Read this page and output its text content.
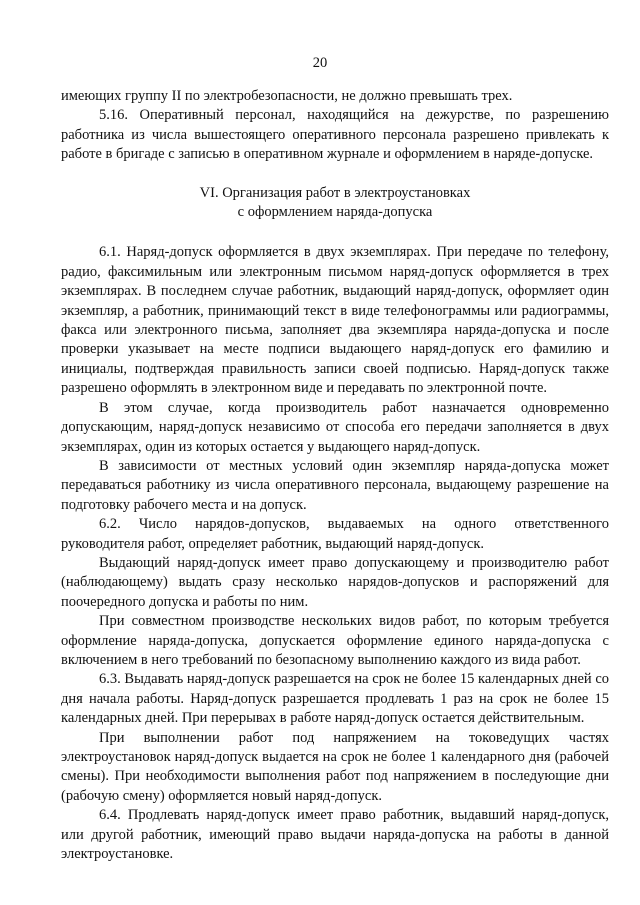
20

имеющих группу II по электробезопасности, не должно превышать трех.

5.16. Оперативный персонал, находящийся на дежурстве, по разрешению работника из числа вышестоящего оперативного персонала разрешено привлекать к работе в бригаде с записью в оперативном журнале и оформлением в наряде-допуске.

VI. Организация работ в электроустановках
с оформлением наряда-допуска

6.1. Наряд-допуск оформляется в двух экземплярах. При передаче по телефону, радио, факсимильным или электронным письмом наряд-допуск оформляется в трех экземплярах. В последнем случае работник, выдающий наряд-допуск, оформляет один экземпляр, а работник, принимающий текст в виде телефонограммы или радиограммы, факса или электронного письма, заполняет два экземпляра наряда-допуска и после проверки указывает на месте подписи выдающего наряд-допуск его фамилию и инициалы, подтверждая правильность записи своей подписью. Наряд-допуск также разрешено оформлять в электронном виде и передавать по электронной почте.

В этом случае, когда производитель работ назначается одновременно допускающим, наряд-допуск независимо от способа его передачи заполняется в двух экземплярах, один из которых остается у выдающего наряд-допуск.

В зависимости от местных условий один экземпляр наряда-допуска может передаваться работнику из числа оперативного персонала, выдающему разрешение на подготовку рабочего места и на допуск.

6.2. Число нарядов-допусков, выдаваемых на одного ответственного руководителя работ, определяет работник, выдающий наряд-допуск.

Выдающий наряд-допуск имеет право допускающему и производителю работ (наблюдающему) выдать сразу несколько нарядов-допусков и распоряжений для поочередного допуска и работы по ним.

При совместном производстве нескольких видов работ, по которым требуется оформление наряда-допуска, допускается оформление единого наряда-допуска с включением в него требований по безопасному выполнению каждого из вида работ.

6.3. Выдавать наряд-допуск разрешается на срок не более 15 календарных дней со дня начала работы. Наряд-допуск разрешается продлевать 1 раз на срок не более 15 календарных дней. При перерывах в работе наряд-допуск остается действительным.

При выполнении работ под напряжением на токоведущих частях электроустановок наряд-допуск выдается на срок не более 1 календарного дня (рабочей смены). При необходимости выполнения работ под напряжением в последующие дни (рабочую смену) оформляется новый наряд-допуск.

6.4. Продлевать наряд-допуск имеет право работник, выдавший наряд-допуск, или другой работник, имеющий право выдачи наряда-допуска на работы в данной электроустановке.
